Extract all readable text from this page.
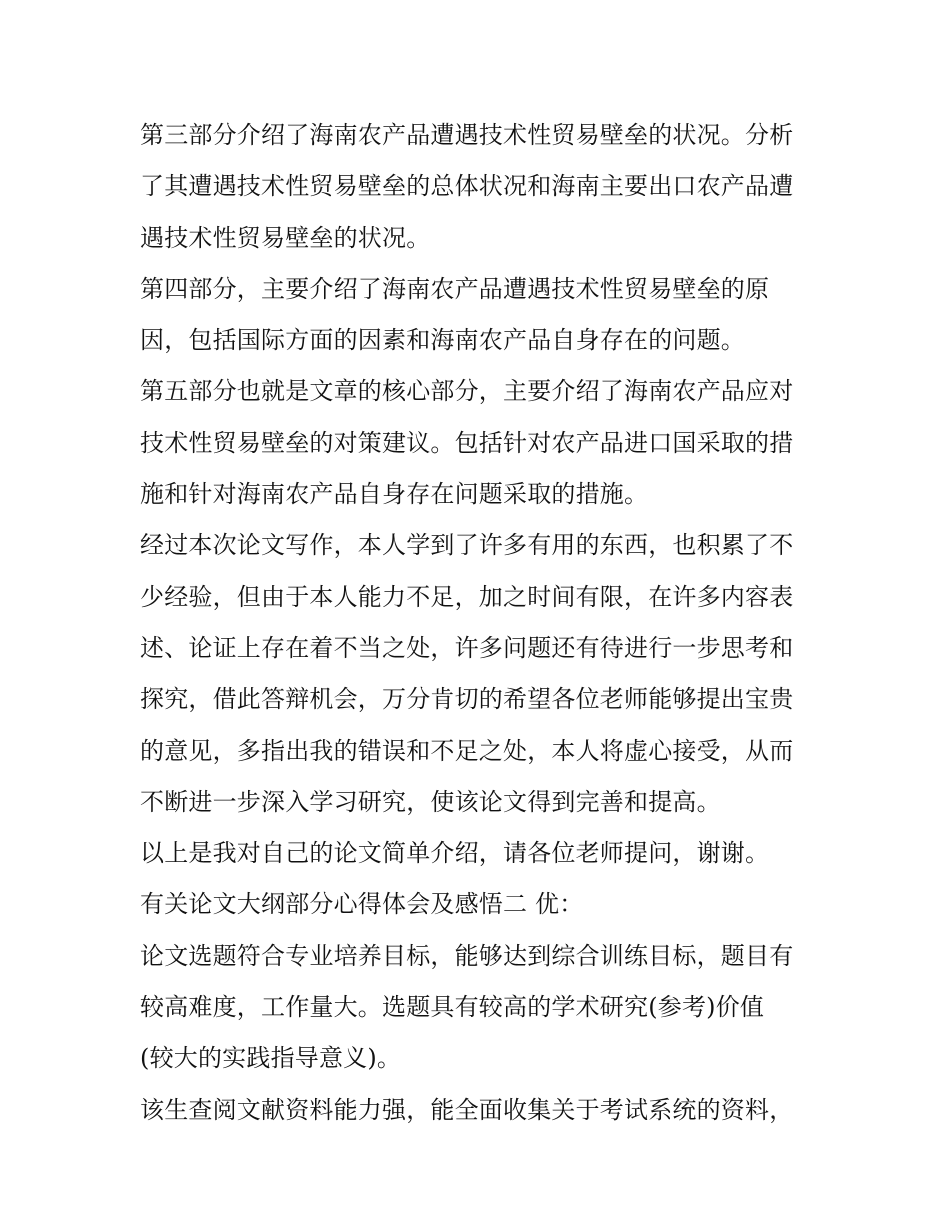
第三部分介绍了海南农产品遭遇技术性贸易壁垒的状况。分析
了其遭遇技术性贸易壁垒的总体状况和海南主要出口农产品遭
遇技术性贸易壁垒的状况。
第四部分，主要介绍了海南农产品遭遇技术性贸易壁垒的原
因，包括国际方面的因素和海南农产品自身存在的问题。
第五部分也就是文章的核心部分，主要介绍了海南农产品应对
技术性贸易壁垒的对策建议。包括针对农产品进口国采取的措
施和针对海南农产品自身存在问题采取的措施。
经过本次论文写作，本人学到了许多有用的东西，也积累了不
少经验，但由于本人能力不足，加之时间有限，在许多内容表
述、论证上存在着不当之处，许多问题还有待进行一步思考和
探究，借此答辩机会，万分肯切的希望各位老师能够提出宝贵
的意见，多指出我的错误和不足之处，本人将虚心接受，从而
不断进一步深入学习研究，使该论文得到完善和提高。
以上是我对自己的论文简单介绍，请各位老师提问，谢谢。
有关论文大纲部分心得体会及感悟二 优：
论文选题符合专业培养目标，能够达到综合训练目标，题目有
较高难度，工作量大。选题具有较高的学术研究(参考)价值
(较大的实践指导意义)。
该生查阅文献资料能力强，能全面收集关于考试系统的资料，
